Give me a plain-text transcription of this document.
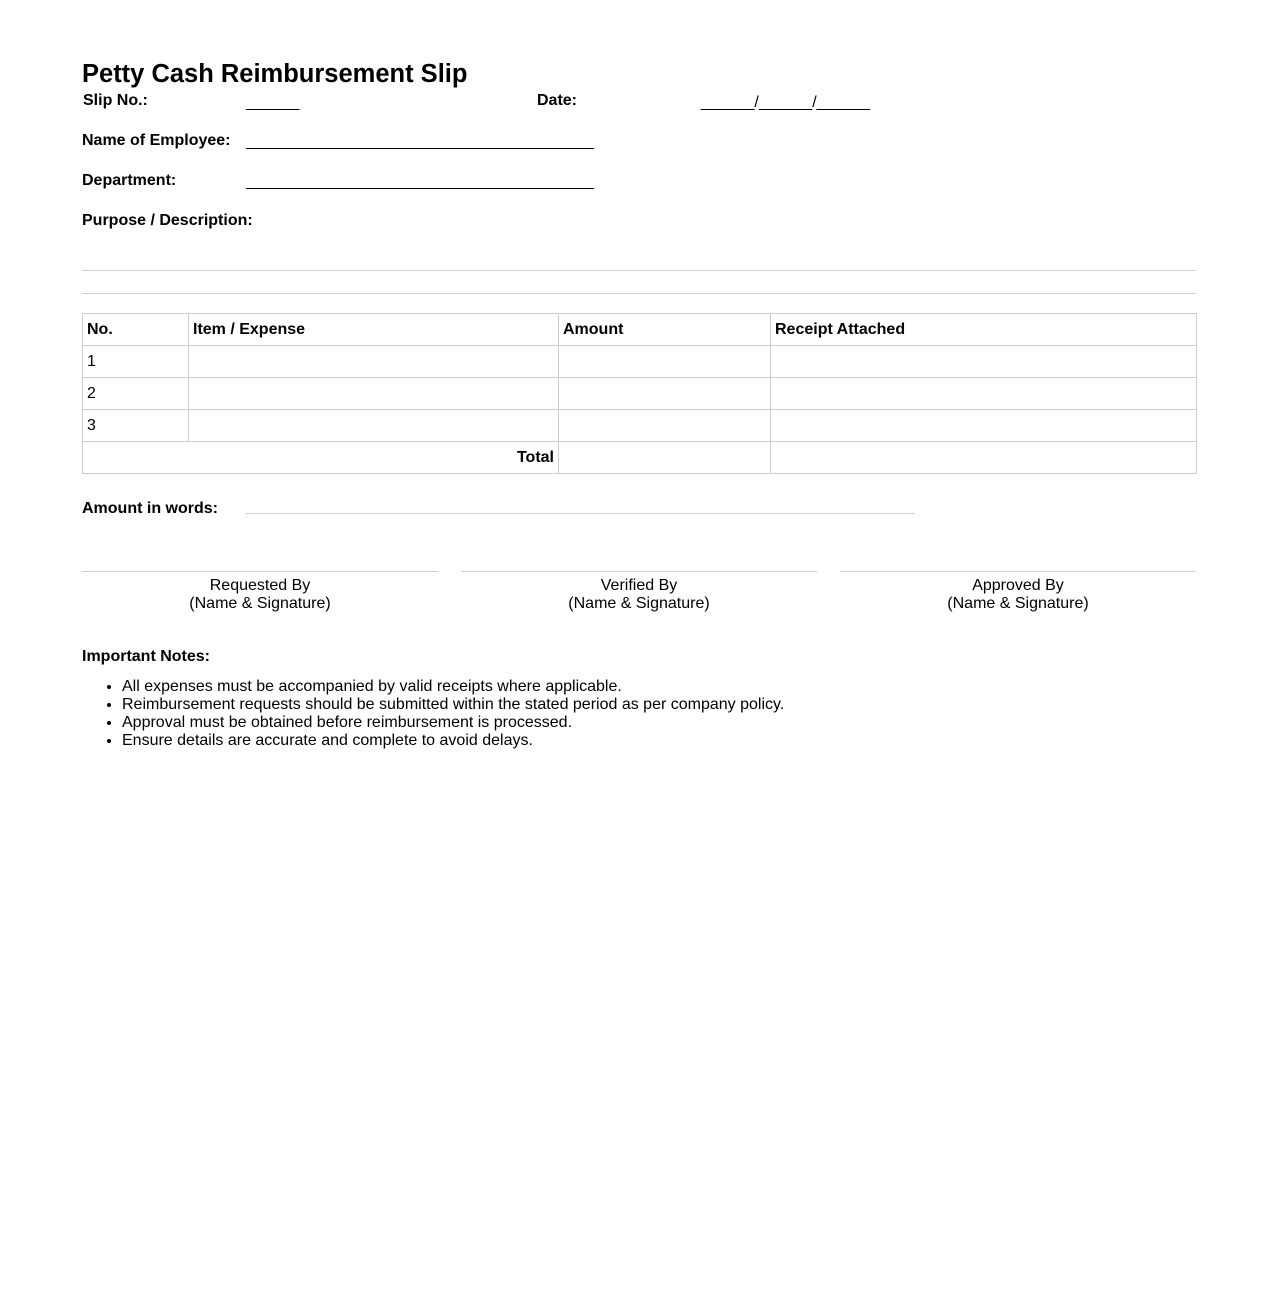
Petty Cash Reimbursement Slip
Slip No.:	______	Date:	______/______/______
Name of Employee:
Department:
Purpose / Description:
No.	Item / Expense	Amount	Receipt Attached
1			
2			
3			
Total			
Amount in words:
Requested By
(Name & Signature)
Verified By
(Name & Signature)
Approved By
(Name & Signature)
Important Notes:
• All expenses must be accompanied by valid receipts where applicable.
• Reimbursement requests should be submitted within the stated period as per company policy.
• Approval must be obtained before reimbursement is processed.
• Ensure details are accurate and complete to avoid delays.
